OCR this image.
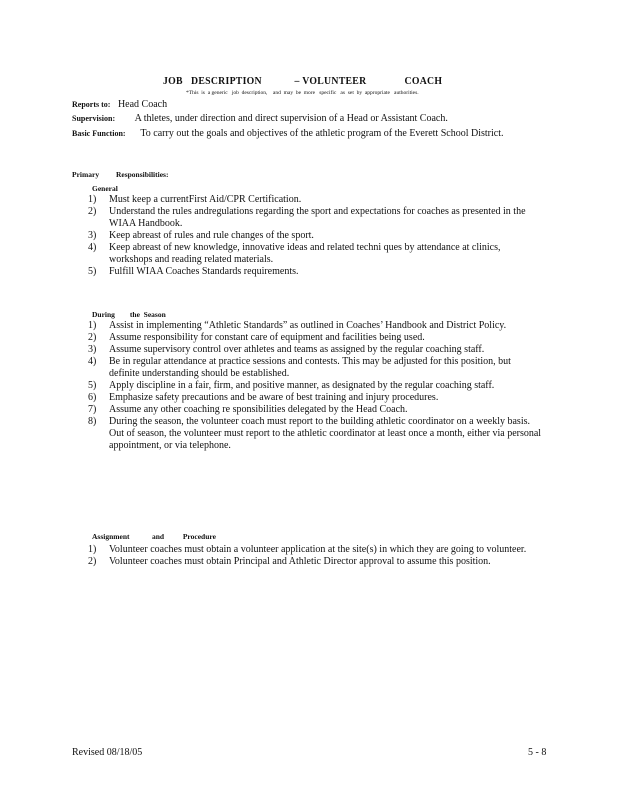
JOB   DESCRIPTION            – VOLUNTEER              COACH
*This  is  a generic   job  description,    and  may  be  more   specific   as  set  by  appropriate   authorities.
Reports to: Head Coach
Supervision: A thletes, under direction and direct supervision of a Head or Assistant Coach.
Basic Function: To carry out the goals and objectives of the athletic program of the Everett School District.
Primary         Responsibilities:
General
1) Must keep a currentFirst Aid/CPR Certification.
2) Understand the rules andregulations regarding the sport and expectations for coaches as presented in the WIAA Handbook.
3) Keep abreast of rules and rule changes of the sport.
4) Keep abreast of new knowledge, innovative ideas and related techni ques by attendance at clinics, workshops and reading related materials.
5) Fulfill WIAA Coaches Standards requirements.
During        the  Season
1) Assist in implementing “Athletic Standards” as outlined in Coaches’ Handbook and District Policy.
2) Assume responsibility for constant care of equipment and facilities being used.
3) Assume supervisory control over athletes and teams as assigned by the regular coaching staff.
4) Be in regular attendance at practice sessions and contests. This may be adjusted for this position, but definite understanding should be established.
5) Apply discipline in a fair, firm, and positive manner, as designated by the regular coaching staff.
6) Emphasize safety precautions and be aware of best training and injury procedures.
7) Assume any other coaching re sponsibilities delegated by the Head Coach.
8) During the season, the volunteer coach must report to the building athletic coordinator on a weekly basis. Out of season, the volunteer must report to the athletic coordinator at least once a month, either via personal appointment, or via telephone.
Assignment            and          Procedure
1) Volunteer coaches must obtain a volunteer application at the site(s) in which they are going to volunteer.
2) Volunteer coaches must obtain Principal and Athletic Director approval to assume this position.
Revised 08/18/05	5 - 8
